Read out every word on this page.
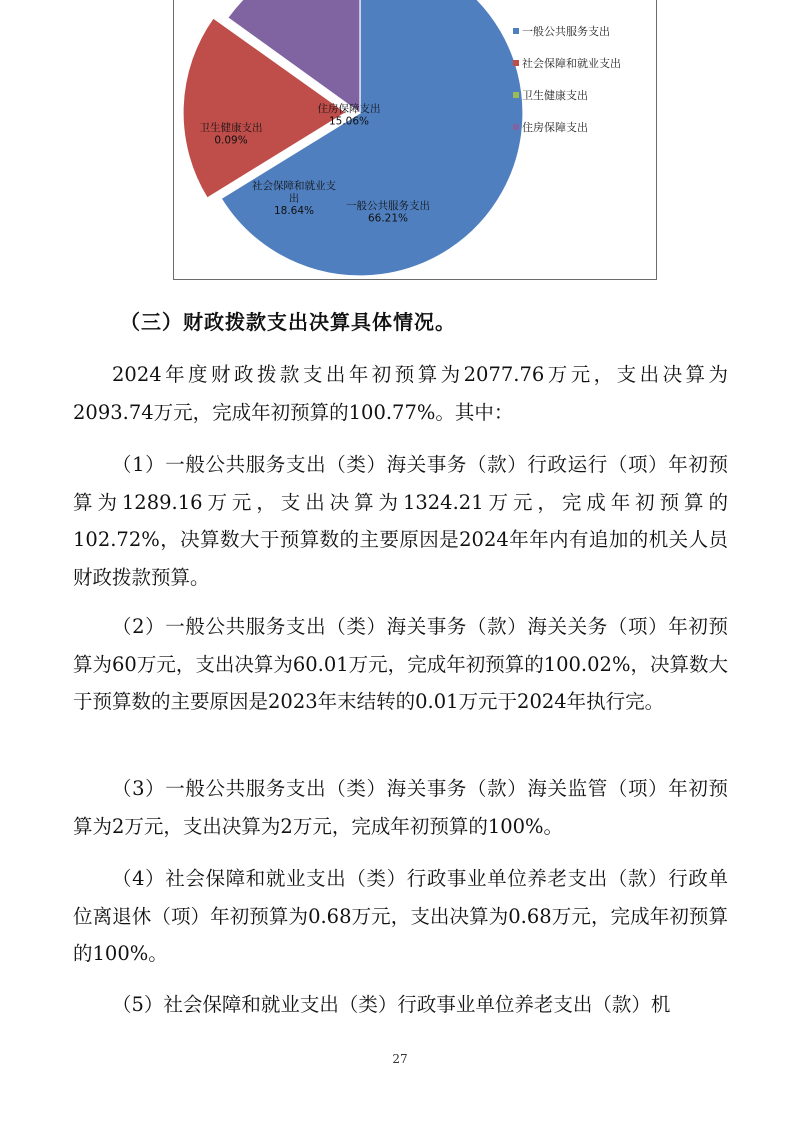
一般公共服务支出
66.21%
社会保障和就业支
出
18.64%
卫生健康支出
0.09%
住房保障支出
15.06%
一般公共服务支出
社会保障和就业支出
卫生健康支出
住房保障支出
（三）财政拨款支出决算具体情况。

2024年度财政拨款支出年初预算为2077.76万元，支出决算为2093.74万元，完成年初预算的100.77%。其中：

（1）一般公共服务支出（类）海关事务（款）行政运行（项）年初预算为1289.16万元，支出决算为1324.21万元，完成年初预算的102.72%，决算数大于预算数的主要原因是2024年年内有追加的机关人员财政拨款预算。

（2）一般公共服务支出（类）海关事务（款）海关关务（项）年初预算为60万元，支出决算为60.01万元，完成年初预算的100.02%，决算数大于预算数的主要原因是2023年末结转的0.01万元于2024年执行完。

（3）一般公共服务支出（类）海关事务（款）海关监管（项）年初预算为2万元，支出决算为2万元，完成年初预算的100%。

（4）社会保障和就业支出（类）行政事业单位养老支出（款）行政单位离退休（项）年初预算为0.68万元，支出决算为0.68万元，完成年初预算的100%。

（5）社会保障和就业支出（类）行政事业单位养老支出（款）机

27
